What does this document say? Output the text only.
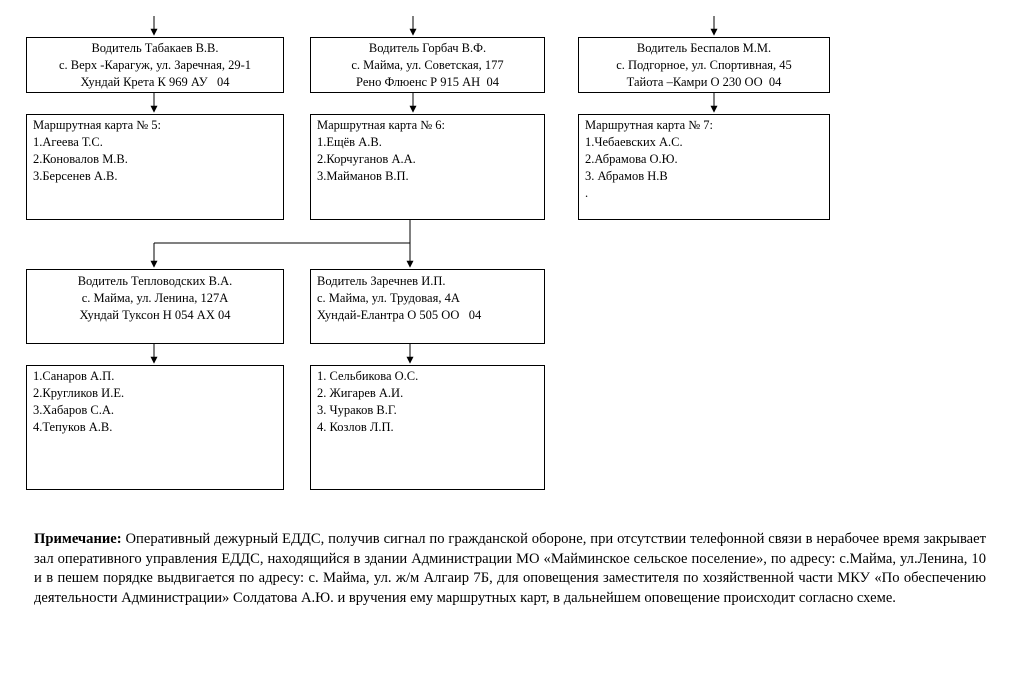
Водитель Табакаев В.В.
с. Верх -Карагуж, ул. Заречная, 29-1
Хундай Крета К 969 АУ   04
Водитель Горбач В.Ф.
с. Майма, ул. Советская, 177
Рено Флюенс Р 915 АН  04
Водитель Беспалов М.М.
с. Подгорное, ул. Спортивная, 45
Тайота –Камри О 230 ОО  04
Маршрутная карта № 5:
1.Агеева Т.С.
2.Коновалов М.В.
3.Берсенев А.В.
Маршрутная карта № 6:
1.Ещёв А.В.
2.Корчуганов А.А.
3.Майманов В.П.
Маршрутная карта № 7:
1.Чебаевских А.С.
2.Абрамова О.Ю.
3. Абрамов Н.В
.
Водитель Тепловодских В.А.
с. Майма, ул. Ленина, 127А
Хундай Туксон Н 054 АХ 04
Водитель Заречнев И.П.
с. Майма, ул. Трудовая, 4А
Хундай-Елантра О 505 ОО   04
1.Санаров А.П.
2.Кругликов И.Е.
3.Хабаров С.А.
4.Тепуков А.В.
1. Сельбикова О.С.
2. Жигарев А.И.
3. Чураков В.Г.
4. Козлов Л.П.
Примечание: Оперативный дежурный ЕДДС, получив сигнал по гражданской обороне, при отсутствии телефонной связи в нерабочее время закрывает зал оперативного управления ЕДДС, находящийся в здании Администрации МО «Майминское сельское поселение», по адресу: с.Майма, ул.Ленина, 10 и в пешем порядке выдвигается по адресу: с. Майма, ул. ж/м Алгаир 7Б, для оповещения заместителя по хозяйственной части МКУ «По обеспечению деятельности Администрации» Солдатова А.Ю. и вручения ему маршрутных карт, в дальнейшем оповещение происходит согласно схеме.
